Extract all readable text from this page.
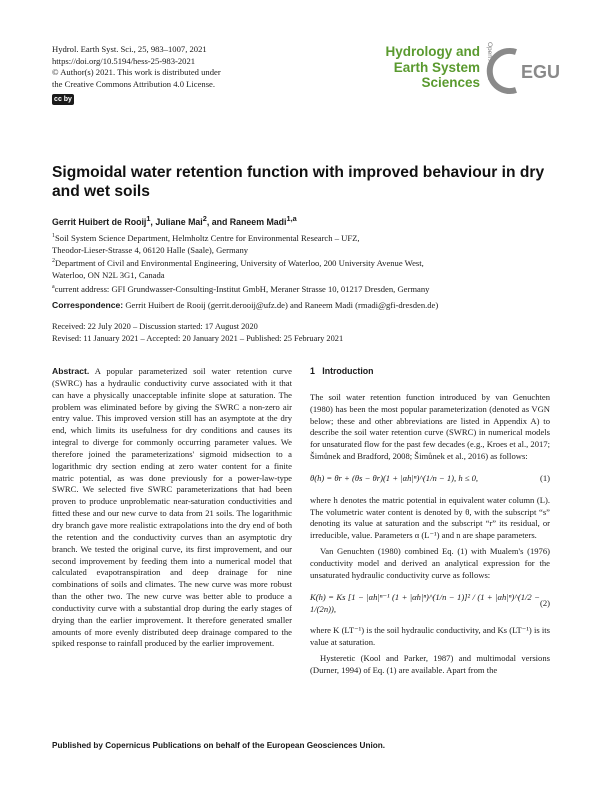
Hydrol. Earth Syst. Sci., 25, 983–1007, 2021
https://doi.org/10.5194/hess-25-983-2021
© Author(s) 2021. This work is distributed under
the Creative Commons Attribution 4.0 License.
cc by
Hydrology and
Earth System
Sciences
Open Access EGU
Sigmoidal water retention function with improved behaviour in dry and wet soils
Gerrit Huibert de Rooij$^1$, Juliane Mai$^2$, and Raneem Madi$^{1,a}$
$^1$Soil System Science Department, Helmholtz Centre for Environmental Research – UFZ,
Theodor-Lieser-Strasse 4, 06120 Halle (Saale), Germany
$^2$Department of Civil and Environmental Engineering, University of Waterloo, 200 University Avenue West,
Waterloo, ON N2L 3G1, Canada
$^a$current address: GFI Grundwasser-Consulting-Institut GmbH, Meraner Strasse 10, 01217 Dresden, Germany
Correspondence: Gerrit Huibert de Rooij (gerrit.derooij@ufz.de) and Raneem Madi (rmadi@gfi-dresden.de)
Received: 22 July 2020 – Discussion started: 17 August 2020
Revised: 11 January 2021 – Accepted: 20 January 2021 – Published: 25 February 2021
Abstract. A popular parameterized soil water retention curve (SWRC) has a hydraulic conductivity curve associated with it that can have a physically unacceptable infinite slope at saturation. The problem was eliminated before by giving the SWRC a non-zero air entry value. This improved version still has an asymptote at the dry end, which limits its usefulness for dry conditions and causes its integral to diverge for commonly occurring parameter values. We therefore joined the parameterizations' sigmoid midsection to a logarithmic dry section ending at zero water content for a finite matric potential, as was done previously for a power-law-type SWRC. We selected five SWRC parameterizations that had been proven to produce unproblematic near-saturation conductivities and fitted these and our new curve to data from 21 soils. The logarithmic dry branch gave more realistic extrapolations into the dry end of both the retention and the conductivity curves than an asymptotic dry branch. We tested the original curve, its first improvement, and our second improvement by feeding them into a numerical model that calculated evapotranspiration and deep drainage for nine combinations of soils and climates. The new curve was more robust than the other two. The new curve was better able to produce a conductivity curve with a substantial drop during the early stages of drying than the earlier improvement. It therefore generated smaller amounts of more evenly distributed deep drainage compared to the spiked response to rainfall produced by the earlier improvement.
1 Introduction

The soil water retention function introduced by van Genuchten (1980) has been the most popular parameterization (denoted as VGN below; these and other abbreviations are listed in Appendix A) to describe the soil water retention curve (SWRC) in numerical models for unsaturated flow for the past few decades (e.g., Kroes et al., 2017; Šimůnek and Bradford, 2008; Šimůnek et al., 2016) as follows:

θ(h) = θr + (θs − θr)(1 + |αh|ⁿ)^(1/n − 1), h ≤ 0,	(1)

where h denotes the matric potential in equivalent water column (L). The volumetric water content is denoted by θ, with the subscript “s” denoting its value at saturation and the subscript “r” its residual, or irreducible, value. Parameters α (L⁻¹) and n are shape parameters.

Van Genuchten (1980) combined Eq. (1) with Mualem's (1976) conductivity model and derived an analytical expression for the unsaturated hydraulic conductivity curve as follows:

K(h) = Ks [1 − |αh|ⁿ⁻¹ (1 + |αh|ⁿ)^(1/n − 1)]² / (1 + |αh|ⁿ)^(1/2 − 1/(2n)),
(2)

where K (LT⁻¹) is the soil hydraulic conductivity, and Ks (LT⁻¹) is its value at saturation.

Hysteretic (Kool and Parker, 1987) and multimodal versions (Durner, 1994) of Eq. (1) are available. Apart from the

Published by Copernicus Publications on behalf of the European Geosciences Union.
